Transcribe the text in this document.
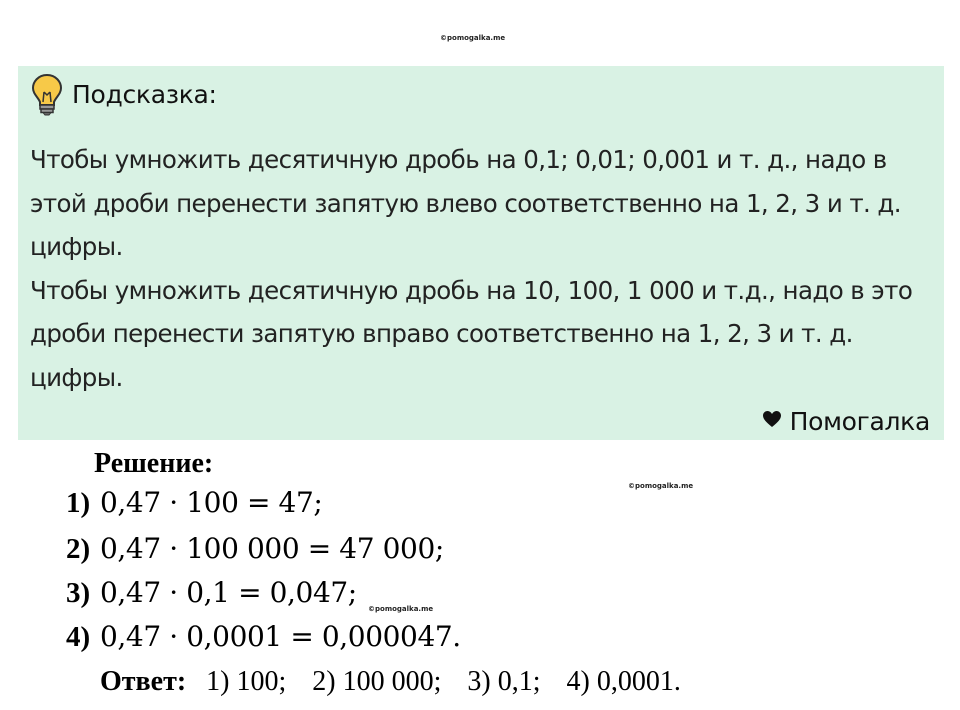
©pomogalka.me
Подсказка:

Чтобы умножить десятичную дробь на 0,1; 0,01; 0,001 и т. д., надо в этой дроби перенести запятую влево соответственно на 1, 2, 3 и т. д. цифры.

Чтобы умножить десятичную дробь на 10, 100, 1 000 и т.д., надо в это дроби перенести запятую вправо соответственно на 1, 2, 3 и т. д. цифры.

Помогалка
©pomogalka.me
Решение:
1) 0,47 · 100 = 47;
2) 0,47 · 100 000 = 47 000;
3) 0,47 · 0,1 = 0,047;
4) 0,47 · 0,0001 = 0,000047.
Ответ: 1) 100; 2) 100 000; 3) 0,1; 4) 0,0001.
©pomogalka.me
